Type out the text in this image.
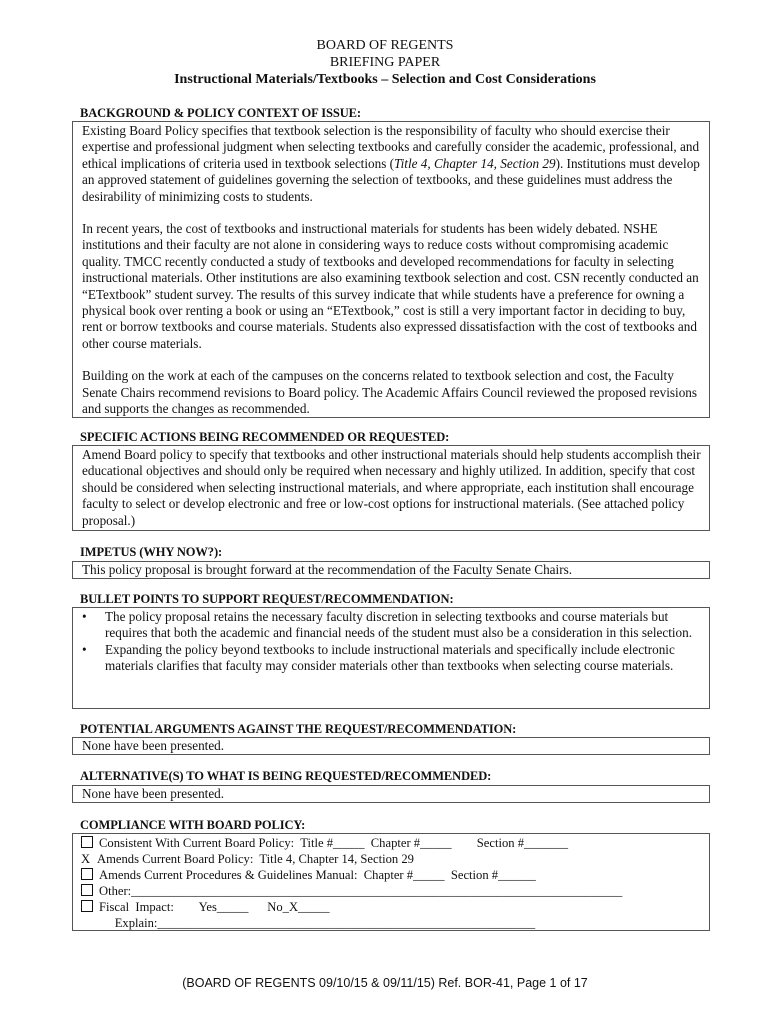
BOARD OF REGENTS
BRIEFING PAPER
Instructional Materials/Textbooks – Selection and Cost Considerations
BACKGROUND & POLICY CONTEXT OF ISSUE:

Existing Board Policy specifies that textbook selection is the responsibility of faculty who should exercise their expertise and professional judgment when selecting textbooks and carefully consider the academic, professional, and ethical implications of criteria used in textbook selections (Title 4, Chapter 14, Section 29). Institutions must develop an approved statement of guidelines governing the selection of textbooks, and these guidelines must address the desirability of minimizing costs to students.

In recent years, the cost of textbooks and instructional materials for students has been widely debated. NSHE institutions and their faculty are not alone in considering ways to reduce costs without compromising academic quality. TMCC recently conducted a study of textbooks and developed recommendations for faculty in selecting instructional materials. Other institutions are also examining textbook selection and cost. CSN recently conducted an “ETextbook” student survey. The results of this survey indicate that while students have a preference for owning a physical book over renting a book or using an “ETextbook,” cost is still a very important factor in deciding to buy, rent or borrow textbooks and course materials. Students also expressed dissatisfaction with the cost of textbooks and other course materials.

Building on the work at each of the campuses on the concerns related to textbook selection and cost, the Faculty Senate Chairs recommend revisions to Board policy. The Academic Affairs Council reviewed the proposed revisions and supports the changes as recommended.

SPECIFIC ACTIONS BEING RECOMMENDED OR REQUESTED:

Amend Board policy to specify that textbooks and other instructional materials should help students accomplish their educational objectives and should only be required when necessary and highly utilized. In addition, specify that cost should be considered when selecting instructional materials, and where appropriate, each institution shall encourage faculty to select or develop electronic and free or low-cost options for instructional materials. (See attached policy proposal.)

IMPETUS (WHY NOW?):

This policy proposal is brought forward at the recommendation of the Faculty Senate Chairs.

BULLET POINTS TO SUPPORT REQUEST/RECOMMENDATION:
• The policy proposal retains the necessary faculty discretion in selecting textbooks and course materials but requires that both the academic and financial needs of the student must also be a consideration in this selection.
• Expanding the policy beyond textbooks to include instructional materials and specifically include electronic materials clarifies that faculty may consider materials other than textbooks when selecting course materials.
POTENTIAL ARGUMENTS AGAINST THE REQUEST/RECOMMENDATION:

None have been presented.

ALTERNATIVE(S) TO WHAT IS BEING REQUESTED/RECOMMENDED:

None have been presented.

COMPLIANCE WITH BOARD POLICY:
Consistent With Current Board Policy:  Title #_____  Chapter #_____        Section #_______
X Amends Current Board Policy:  Title 4, Chapter 14, Section 29
Amends Current Procedures & Guidelines Manual:  Chapter #_____  Section #______
Other:______________________________________________________________________________
Fiscal  Impact:        Yes_____      No_X_____
Explain:____________________________________________________________
(BOARD OF REGENTS 09/10/15 & 09/11/15) Ref. BOR-41, Page 1 of 17
